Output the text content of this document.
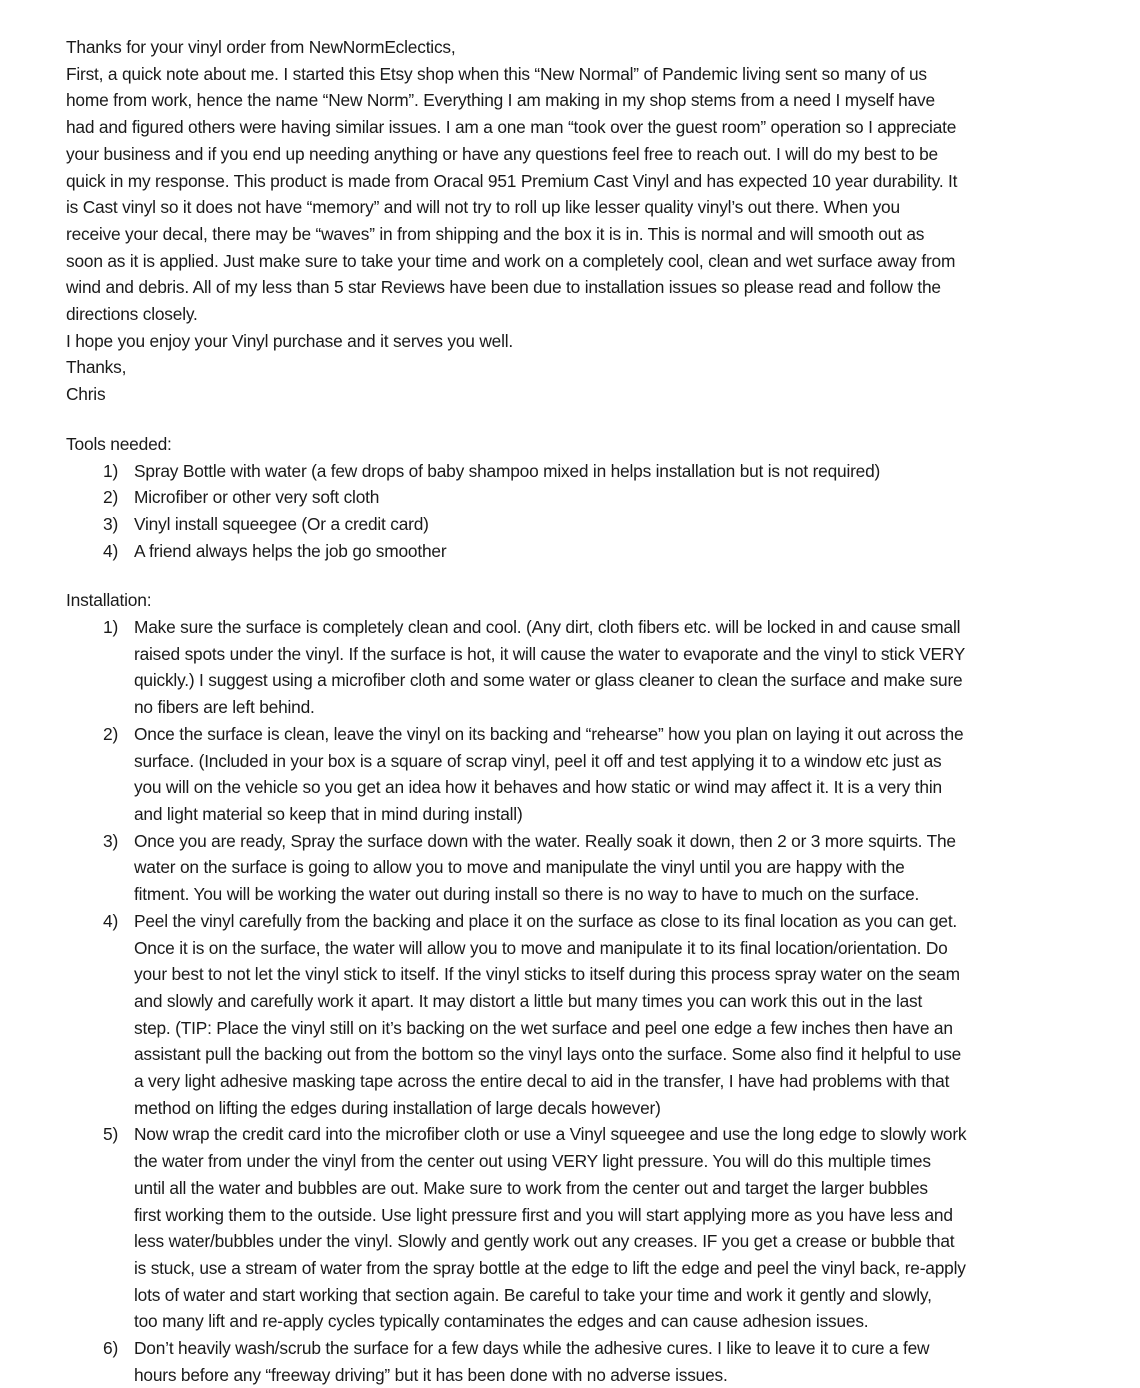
Thanks for your vinyl order from NewNormEclectics,
First, a quick note about me. I started this Etsy shop when this “New Normal” of Pandemic living sent so many of us
home from work, hence the name “New Norm”. Everything I am making in my shop stems from a need I myself have
had and figured others were having similar issues. I am a one man “took over the guest room” operation so I appreciate
your business and if you end up needing anything or have any questions feel free to reach out. I will do my best to be
quick in my response. This product is made from Oracal 951 Premium Cast Vinyl and has expected 10 year durability. It
is Cast vinyl so it does not have “memory” and will not try to roll up like lesser quality vinyl’s out there. When you
receive your decal, there may be “waves” in from shipping and the box it is in. This is normal and will smooth out as
soon as it is applied. Just make sure to take your time and work on a completely cool, clean and wet surface away from
wind and debris. All of my less than 5 star Reviews have been due to installation issues so please read and follow the
directions closely.
I hope you enjoy your Vinyl purchase and it serves you well.
Thanks,
Chris
Tools needed:
1) Spray Bottle with water (a few drops of baby shampoo mixed in helps installation but is not required)
2) Microfiber or other very soft cloth
3) Vinyl install squeegee (Or a credit card)
4) A friend always helps the job go smoother
Installation:
1) Make sure the surface is completely clean and cool. (Any dirt, cloth fibers etc. will be locked in and cause small
raised spots under the vinyl. If the surface is hot, it will cause the water to evaporate and the vinyl to stick VERY
quickly.) I suggest using a microfiber cloth and some water or glass cleaner to clean the surface and make sure
no fibers are left behind.
2) Once the surface is clean, leave the vinyl on its backing and “rehearse” how you plan on laying it out across the
surface. (Included in your box is a square of scrap vinyl, peel it off and test applying it to a window etc just as
you will on the vehicle so you get an idea how it behaves and how static or wind may affect it. It is a very thin
and light material so keep that in mind during install)
3) Once you are ready, Spray the surface down with the water. Really soak it down, then 2 or 3 more squirts. The
water on the surface is going to allow you to move and manipulate the vinyl until you are happy with the
fitment. You will be working the water out during install so there is no way to have to much on the surface.
4) Peel the vinyl carefully from the backing and place it on the surface as close to its final location as you can get.
Once it is on the surface, the water will allow you to move and manipulate it to its final location/orientation. Do
your best to not let the vinyl stick to itself. If the vinyl sticks to itself during this process spray water on the seam
and slowly and carefully work it apart. It may distort a little but many times you can work this out in the last
step. (TIP: Place the vinyl still on it’s backing on the wet surface and peel one edge a few inches then have an
assistant pull the backing out from the bottom so the vinyl lays onto the surface. Some also find it helpful to use
a very light adhesive masking tape across the entire decal to aid in the transfer, I have had problems with that
method on lifting the edges during installation of large decals however)
5) Now wrap the credit card into the microfiber cloth or use a Vinyl squeegee and use the long edge to slowly work
the water from under the vinyl from the center out using VERY light pressure. You will do this multiple times
until all the water and bubbles are out. Make sure to work from the center out and target the larger bubbles
first working them to the outside. Use light pressure first and you will start applying more as you have less and
less water/bubbles under the vinyl. Slowly and gently work out any creases. IF you get a crease or bubble that
is stuck, use a stream of water from the spray bottle at the edge to lift the edge and peel the vinyl back, re-apply
lots of water and start working that section again. Be careful to take your time and work it gently and slowly,
too many lift and re-apply cycles typically contaminates the edges and can cause adhesion issues.
6) Don’t heavily wash/scrub the surface for a few days while the adhesive cures. I like to leave it to cure a few
hours before any “freeway driving” but it has been done with no adverse issues.
